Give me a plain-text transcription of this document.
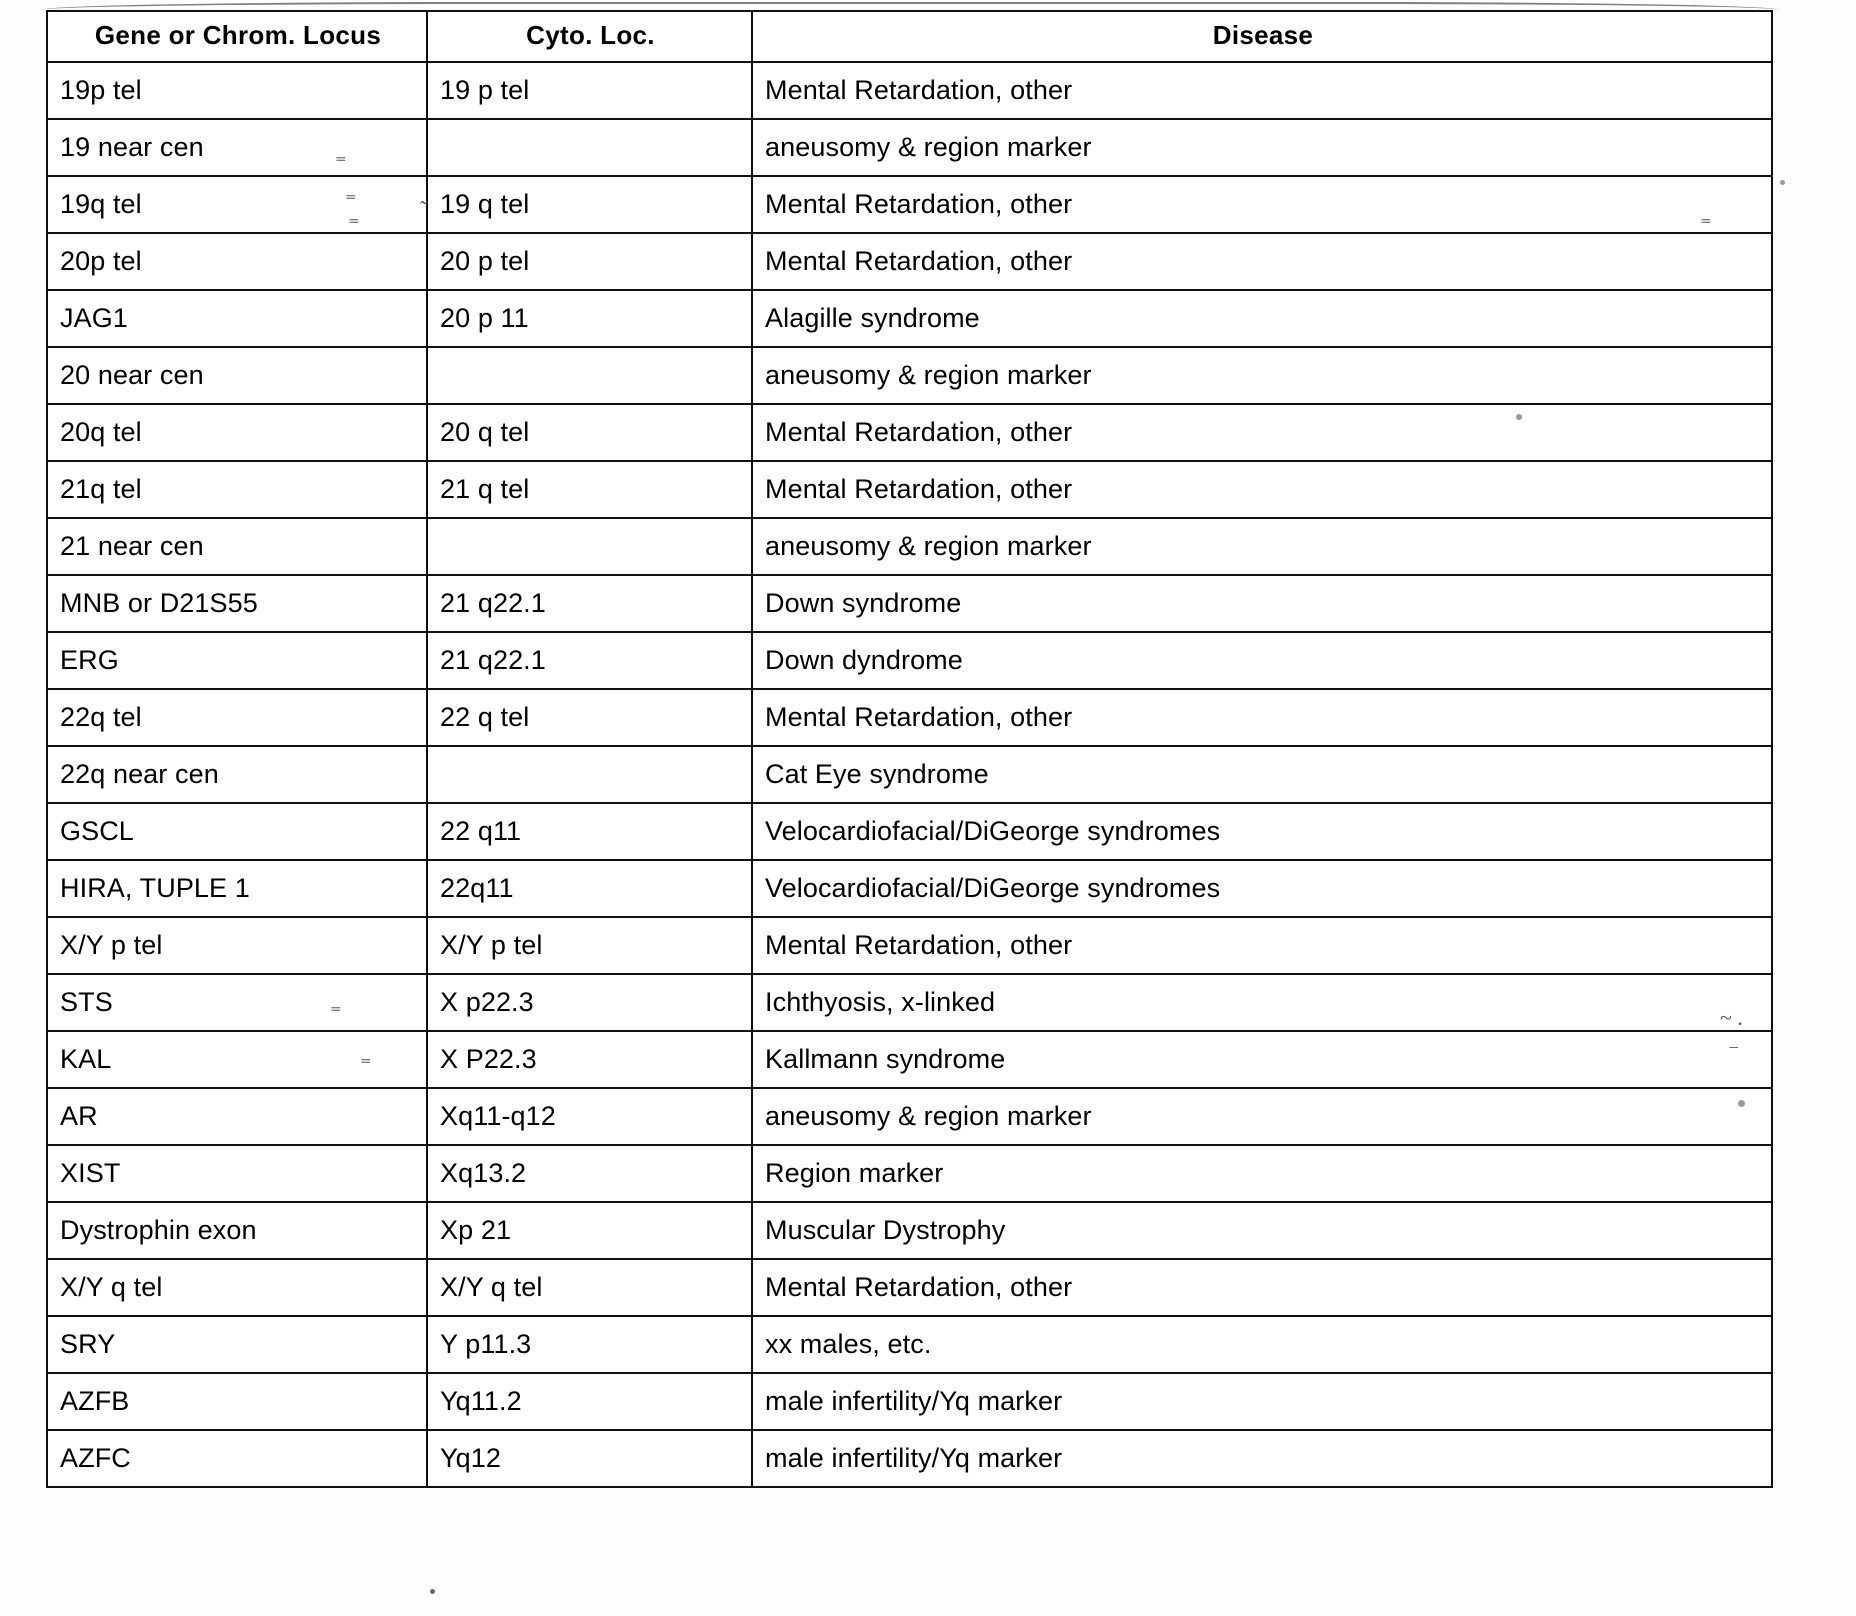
Gene or Chrom. Locus	Cyto. Loc.	Disease
19p tel	19 p tel	Mental Retardation, other
19 near cen		aneusomy & region marker
19q tel	19 q tel	Mental Retardation, other
20p tel	20 p tel	Mental Retardation, other
JAG1	20 p 11	Alagille syndrome
20 near cen		aneusomy & region marker
20q tel	20 q tel	Mental Retardation, other
21q tel	21 q tel	Mental Retardation, other
21 near cen		aneusomy & region marker
MNB or D21S55	21 q22.1	Down syndrome
ERG	21 q22.1	Down dyndrome
22q tel	22 q tel	Mental Retardation, other
22q near cen		Cat Eye syndrome
GSCL	22 q11	Velocardiofacial/DiGeorge syndromes
HIRA, TUPLE 1	22q11	Velocardiofacial/DiGeorge syndromes
X/Y p tel	X/Y p tel	Mental Retardation, other
STS	X p22.3	Ichthyosis, x-linked
KAL	X P22.3	Kallmann syndrome
AR	Xq11-q12	aneusomy & region marker
XIST	Xq13.2	Region marker
Dystrophin exon	Xp 21	Muscular Dystrophy
X/Y q tel	X/Y q tel	Mental Retardation, other
SRY	Y p11.3	xx males, etc.
AZFB	Yq11.2	male infertility/Yq marker
AZFC	Yq12	male infertility/Yq marker
⁼
⁼	˜
⁼	⁼
⁼
⁼
~ .
‾
